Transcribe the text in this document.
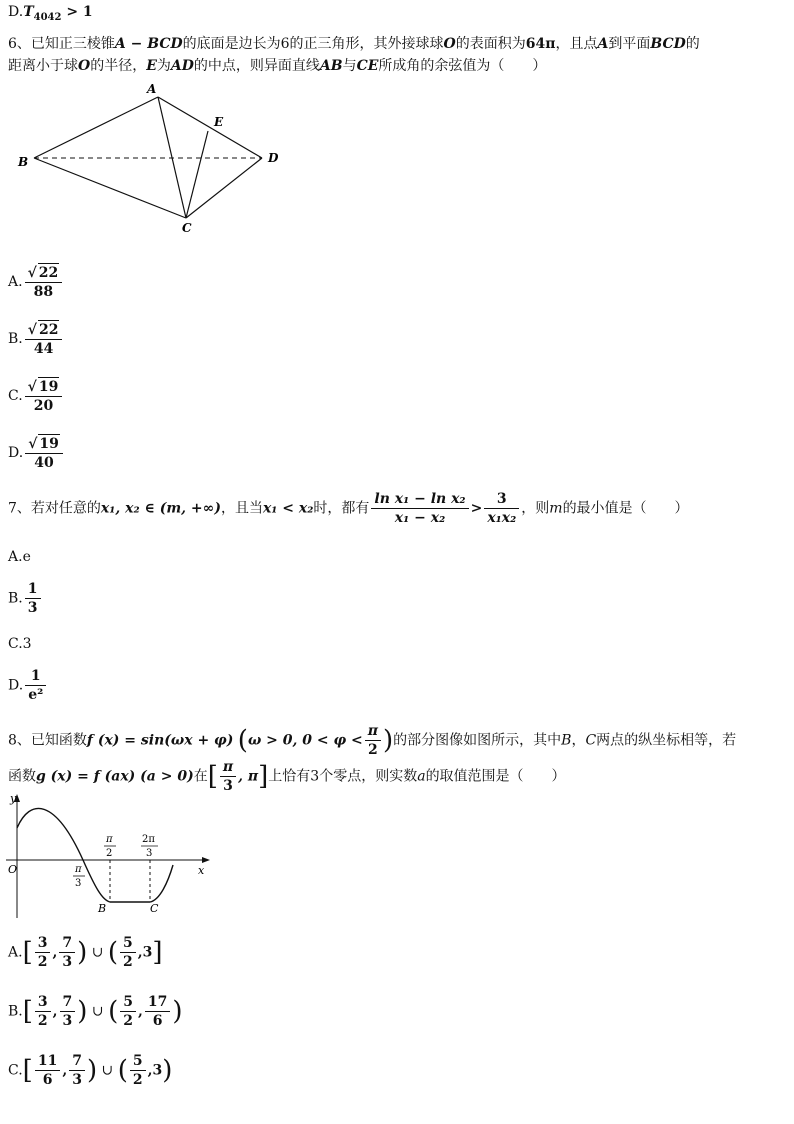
$D.T_{4042} > 1$
6、已知正三棱锥A − BCD的底面是边长为6的正三角形，其外接球球O的表面积为64π，且点A到平面BCD的
距离小于球O的半径，E为AD的中点，则异面直线AB与CE所成角的余弦值为（　　）
A
B
C
D
E
A. $\frac{√ 22}{88}$
B. $\frac{√ 22}{44}$
C. $\frac{√ 19}{20}$
D. $\frac{√ 19}{40}$
7、若对任意的x₁, x₂ ∈ (m, +∞)，且当x₁ < x₂时，都有 $\frac{\text{ln x₁ − ln x₂}}{\text{x₁ − x₂}} > \frac{3}{\text{x₁x₂}}$ ，则m的最小值是（　　）
A.e
B. $\frac{1}{3}$
C.3
D. $\frac{1}{\text{e²}}$
8、已知函数f (x) = sin(ωx + φ) (ω > 0, $0 < \varphi < \frac{\pi}{2}$ )的部分图像如图所示，其中B，C两点的纵坐标相等，若
函数g (x) = f (ax) (a > 0)在[ $\frac{\pi}{3}$ , π]上恰有3个零点，则实数a的取值范围是（　　）
y
O	x
π
2
2π
3
π
3
B	C
$A.[ \frac{3}{2}$ , $\frac{7}{3}$ ) ∪ ( $\frac{5}{2} ,3$]
$B.[ \frac{3}{2}$ , $\frac{7}{3}$ ) ∪ ( $\frac{5}{2}$ , $\frac{17}{6}$ )
$C.[ \frac{11}{6}$ , $\frac{7}{3}$ ) ∪ ( $\frac{5}{2} ,3$)
